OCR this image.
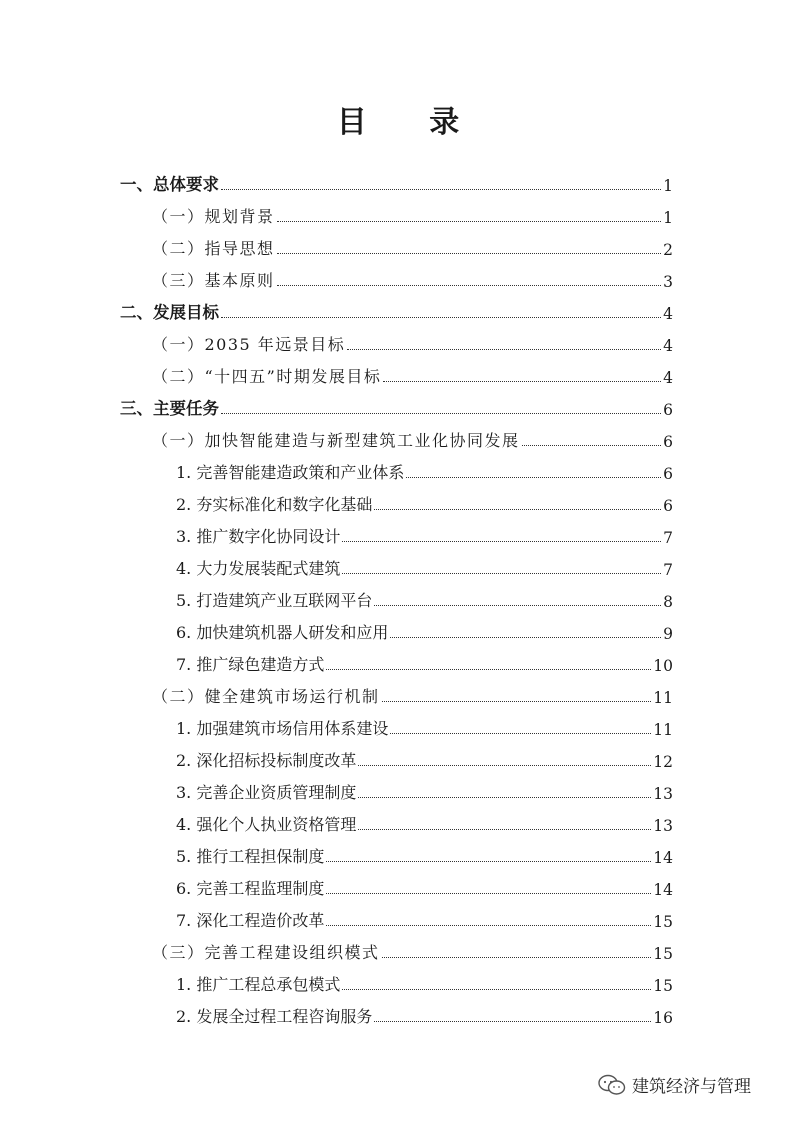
目 录
一、总体要求	1
（一）规划背景	1
（二）指导思想	2
（三）基本原则	3
二、发展目标	4
（一）2035 年远景目标	4
（二）“十四五”时期发展目标	4
三、主要任务	6
（一）加快智能建造与新型建筑工业化协同发展	6
1. 完善智能建造政策和产业体系	6
2. 夯实标准化和数字化基础	6
3. 推广数字化协同设计	7
4. 大力发展装配式建筑	7
5. 打造建筑产业互联网平台	8
6. 加快建筑机器人研发和应用	9
7. 推广绿色建造方式	10
（二）健全建筑市场运行机制	11
1. 加强建筑市场信用体系建设	11
2. 深化招标投标制度改革	12
3. 完善企业资质管理制度	13
4. 强化个人执业资格管理	13
5. 推行工程担保制度	14
6. 完善工程监理制度	14
7. 深化工程造价改革	15
（三）完善工程建设组织模式	15
1. 推广工程总承包模式	15
2. 发展全过程工程咨询服务	16
建筑经济与管理
